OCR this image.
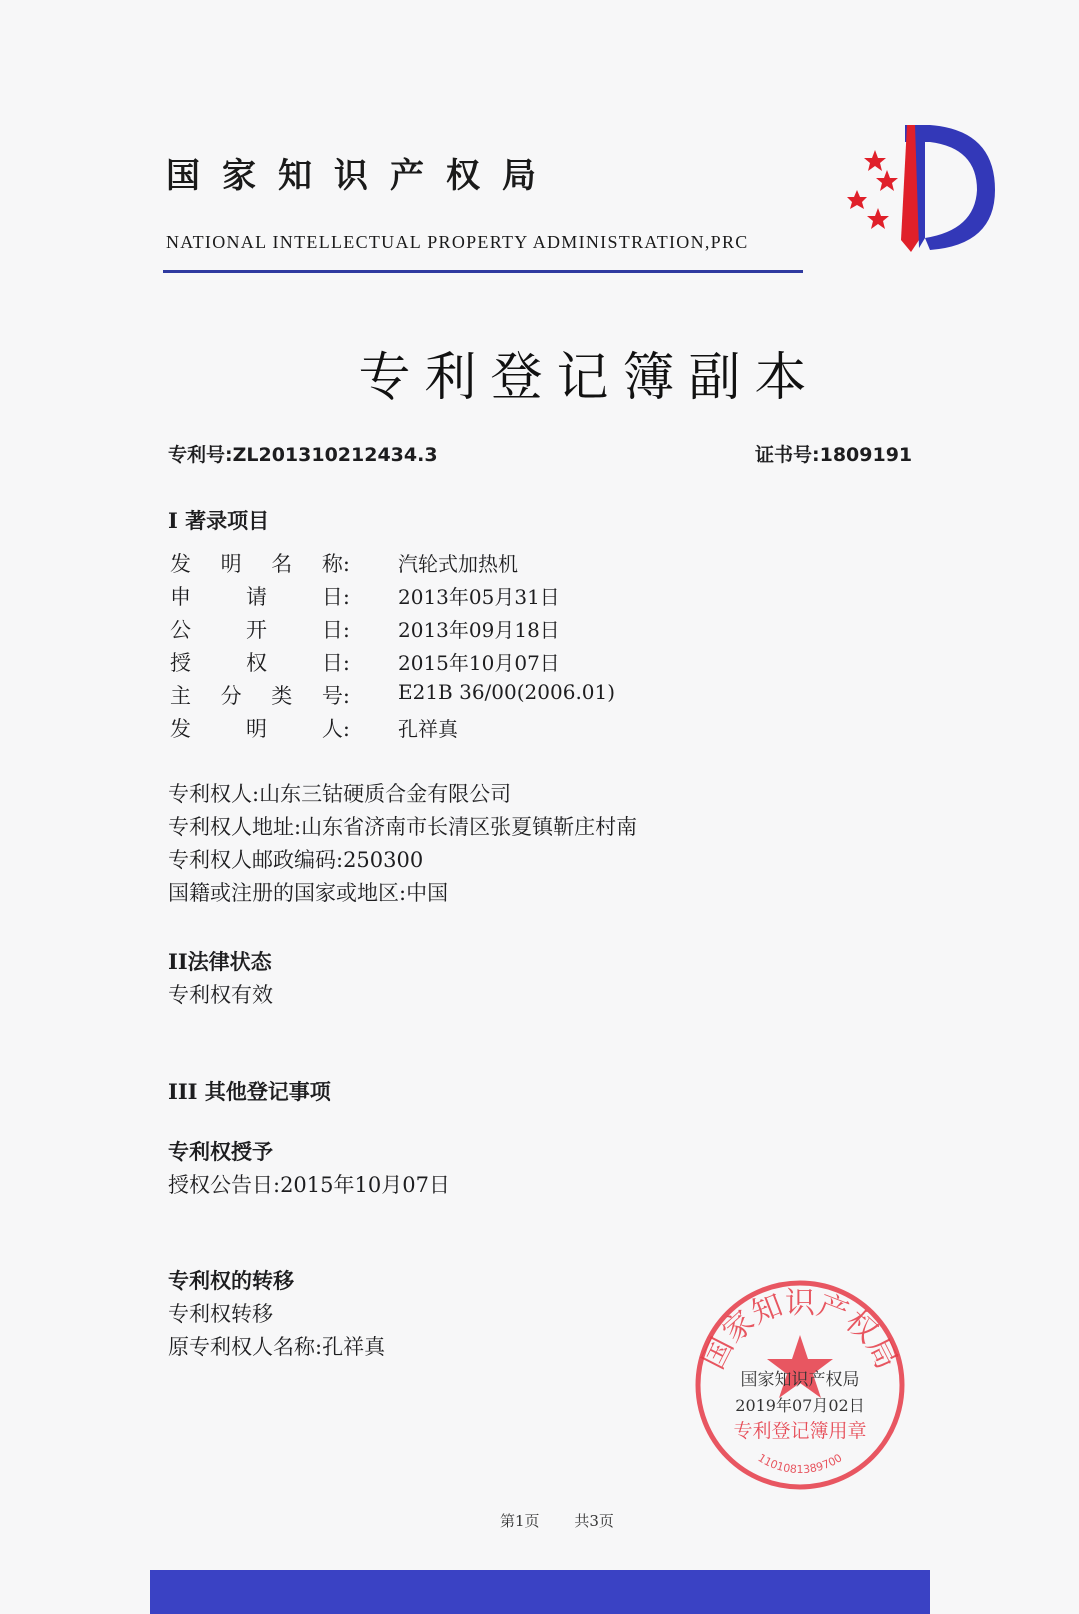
国家知识产权局
NATIONAL INTELLECTUAL PROPERTY ADMINISTRATION,PRC
专利登记簿副本
专利号:ZL201310212434.3	证书号:1809191
I 著录项目
发 明 名 称: 汽轮式加热机
申	请	日: 2013年05月31日
公	开	日: 2013年09月18日
授	权	日: 2015年10月07日
主 分 类 号: E21B 36/00(2006.01)
发	明	人: 孔祥真
专利权人:山东三钴硬质合金有限公司
专利权人地址:山东省济南市长清区张夏镇靳庄村南
专利权人邮政编码:250300
国籍或注册的国家或地区:中国
II法律状态
专利权有效
III 其他登记事项
专利权授予
授权公告日:2015年10月07日
专利权的转移
专利权转移
原专利权人名称:孔祥真	国家知识产权局
国家知识产权局
2019年07月02日
专利登记簿用章
1101081389700
第1页 共3页
